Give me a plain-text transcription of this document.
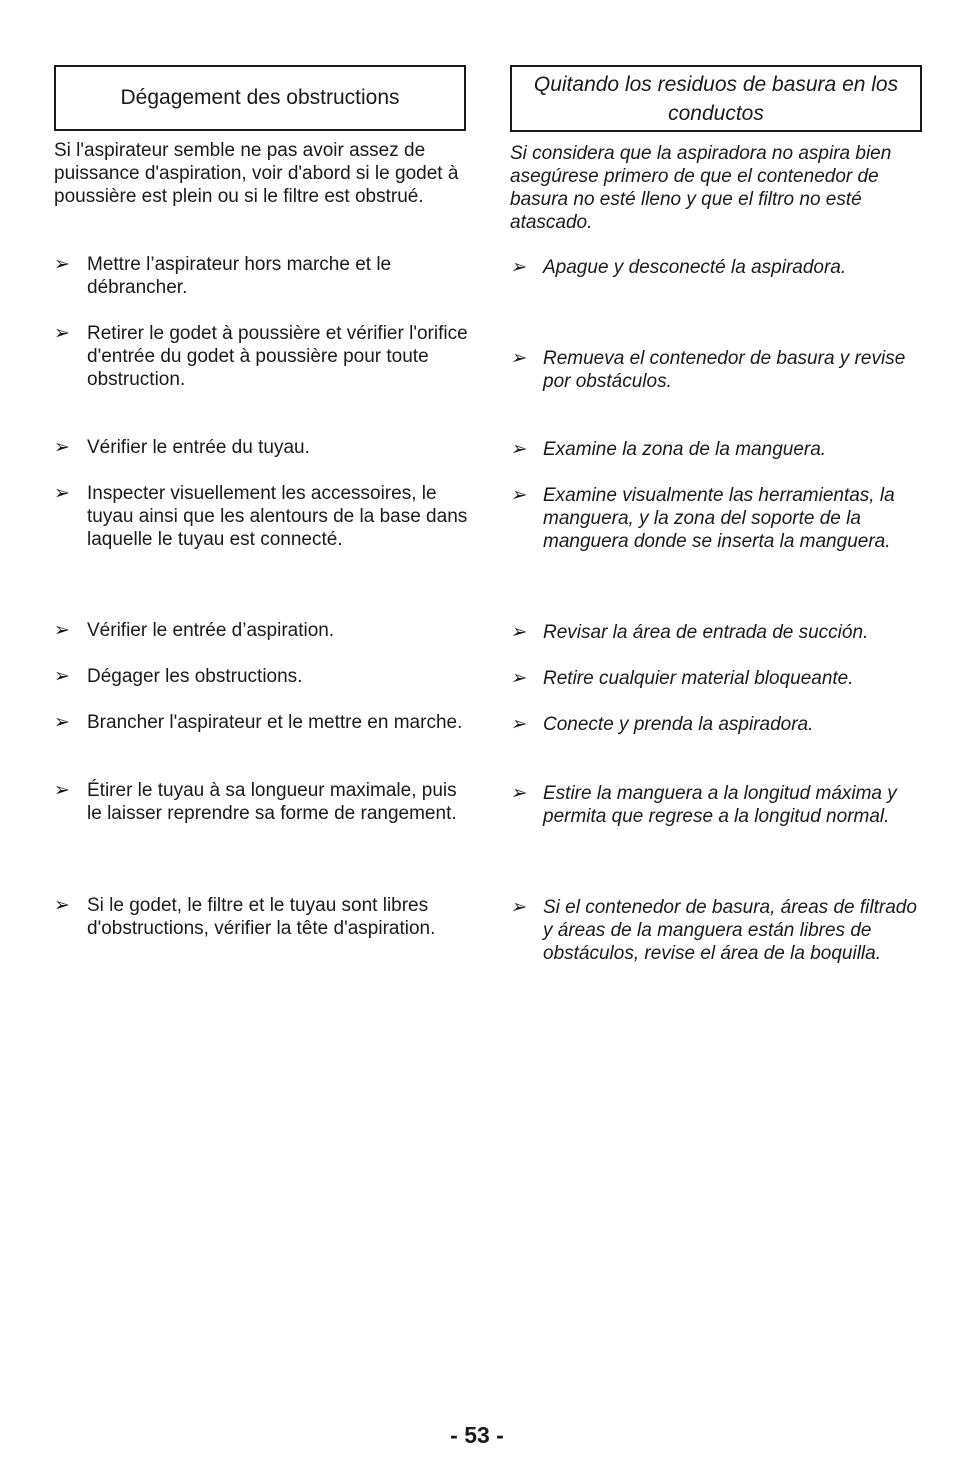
Dégagement des obstructions

Si l'aspirateur semble ne pas avoir assez de puissance d'aspiration, voir d'abord si le godet à poussière est plein ou si le filtre est obstrué.

➢ Mettre l’aspirateur hors marche et le débrancher.
➢ Retirer le godet à poussière et vérifier l'orifice d'entrée du godet à poussière pour toute obstruction.
➢ Vérifier le entrée du tuyau.
➢ Inspecter visuellement les accessoires, le tuyau ainsi que les alentours de la base dans laquelle le tuyau est connecté.
➢ Vérifier le entrée d’aspiration.
➢ Dégager les obstructions.
➢ Brancher l'aspirateur et le mettre en marche.
➢ Étirer le tuyau à sa longueur maximale, puis le laisser reprendre sa forme de rangement.
➢ Si le godet, le filtre et le tuyau sont libres d'obstructions, vérifier la tête d'aspiration.
Quitando los residuos de basura en los conductos

Si considera que la aspiradora no aspira bien asegúrese primero de que el contenedor de basura no esté lleno y que el filtro no esté atascado.

➢ Apague y desconecté la aspiradora.
➢ Remueva el contenedor de basura y revise por obstáculos.
➢ Examine la zona de la manguera.
➢ Examine visualmente las herramientas, la manguera, y la zona del soporte de la manguera donde se inserta la manguera.
➢ Revisar la área de entrada de succión.
➢ Retire cualquier material bloqueante.
➢ Conecte y prenda la aspiradora.
➢ Estire la manguera a la longitud máxima y permita que regrese a la longitud normal.
➢ Si el contenedor de basura, áreas de filtrado y áreas de la manguera están libres de obstáculos, revise el área de la boquilla.
- 53 -
